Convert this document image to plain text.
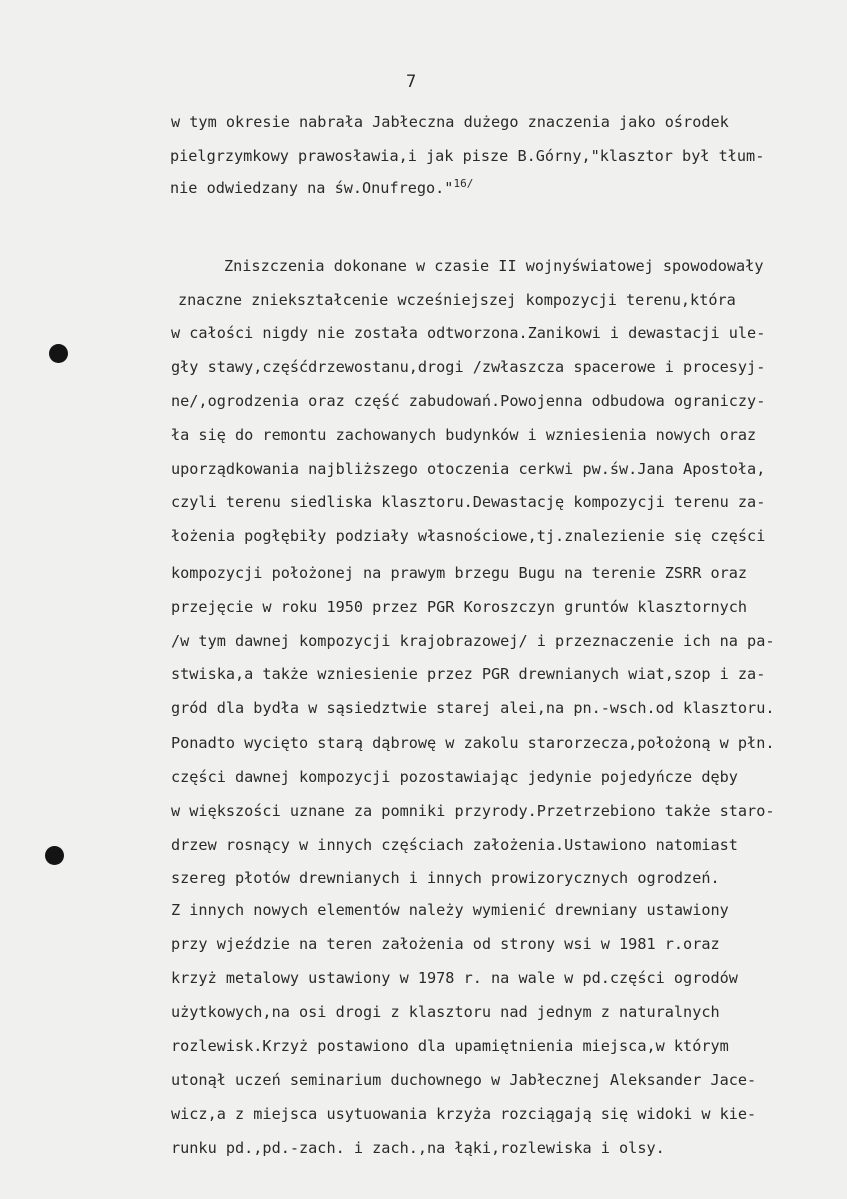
7
w tym okresie nabrała Jabłeczna dużego znaczenia jako ośrodek
pielgrzymkowy prawosławia,i jak pisze B.Górny,"klasztor był tłum-
nie odwiedzany na św.Onufrego."$^{16/}$
Zniszczenia dokonane w czasie II wojnyświatowej spowodowały
znaczne zniekształcenie wcześniejszej kompozycji terenu,która
w całości nigdy nie została odtworzona.Zanikowi i dewastacji ule-
gły stawy,częśćdrzewostanu,drogi /zwłaszcza spacerowe i procesyj-
ne/,ogrodzenia oraz część zabudowań.Powojenna odbudowa ograniczy-
ła się do remontu zachowanych budynków i wzniesienia nowych oraz
uporządkowania najbliższego otoczenia cerkwi pw.św.Jana Apostoła,
czyli terenu siedliska klasztoru.Dewastację kompozycji terenu za-
łożenia pogłębiły podziały własnościowe,tj.znalezienie się części
kompozycji położonej na prawym brzegu Bugu na terenie ZSRR oraz
przejęcie w roku 1950 przez PGR Koroszczyn gruntów klasztornych
/w tym dawnej kompozycji krajobrazowej/ i przeznaczenie ich na pa-
stwiska,a także wzniesienie przez PGR drewnianych wiat,szop i za-
gród dla bydła w sąsiedztwie starej alei,na pn.-wsch.od klasztoru.
Ponadto wycięto starą dąbrowę w zakolu starorzecza,położoną w płn.
części dawnej kompozycji pozostawiając jedynie pojedyńcze dęby
w większości uznane za pomniki przyrody.Przetrzebiono także staro-
drzew rosnący w innych częściach założenia.Ustawiono natomiast
szereg płotów drewnianych i innych prowizorycznych ogrodzeń.
Z innych nowych elementów należy wymienić drewniany ustawiony
przy wjeździe na teren założenia od strony wsi w 1981 r.oraz
krzyż metalowy ustawiony w 1978 r. na wale w pd.części ogrodów
użytkowych,na osi drogi z klasztoru nad jednym z naturalnych
rozlewisk.Krzyż postawiono dla upamiętnienia miejsca,w którym
utonął uczeń seminarium duchownego w Jabłecznej Aleksander Jace-
wicz,a z miejsca usytuowania krzyża rozciągają się widoki w kie-
runku pd.,pd.-zach. i zach.,na łąki,rozlewiska i olsy.
